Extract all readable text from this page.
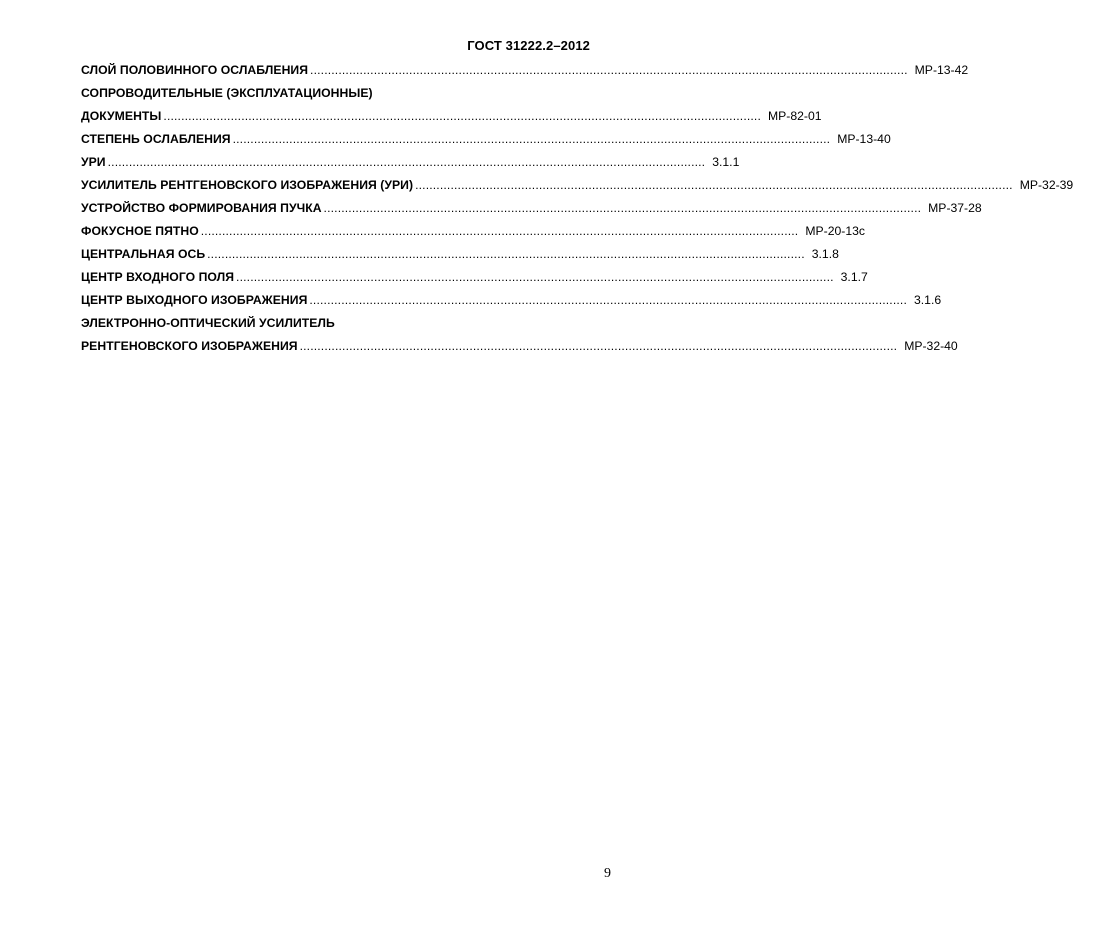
ГОСТ 31222.2–2012
СЛОЙ ПОЛОВИННОГО ОСЛАБЛЕНИЯ ......................................................................................................................................................................... МР-13-42
СОПРОВОДИТЕЛЬНЫЕ (ЭКСПЛУАТАЦИОННЫЕ)
ДОКУМЕНТЫ ......................................................................................................................................................................... МР-82-01
СТЕПЕНЬ ОСЛАБЛЕНИЯ ......................................................................................................................................................................... МР-13-40
УРИ ......................................................................................................................................................................... 3.1.1
УСИЛИТЕЛЬ РЕНТГЕНОВСКОГО ИЗОБРАЖЕНИЯ (УРИ) ......................................................................................................................................................................... МР-32-39
УСТРОЙСТВО ФОРМИРОВАНИЯ ПУЧКА ......................................................................................................................................................................... МР-37-28
ФОКУСНОЕ ПЯТНО ......................................................................................................................................................................... МР-20-13с
ЦЕНТРАЛЬНАЯ ОСЬ ......................................................................................................................................................................... 3.1.8
ЦЕНТР ВХОДНОГО ПОЛЯ ......................................................................................................................................................................... 3.1.7
ЦЕНТР ВЫХОДНОГО ИЗОБРАЖЕНИЯ ......................................................................................................................................................................... 3.1.6
ЭЛЕКТРОННО-ОПТИЧЕСКИЙ УСИЛИТЕЛЬ
РЕНТГЕНОВСКОГО ИЗОБРАЖЕНИЯ ......................................................................................................................................................................... МР-32-40
9
